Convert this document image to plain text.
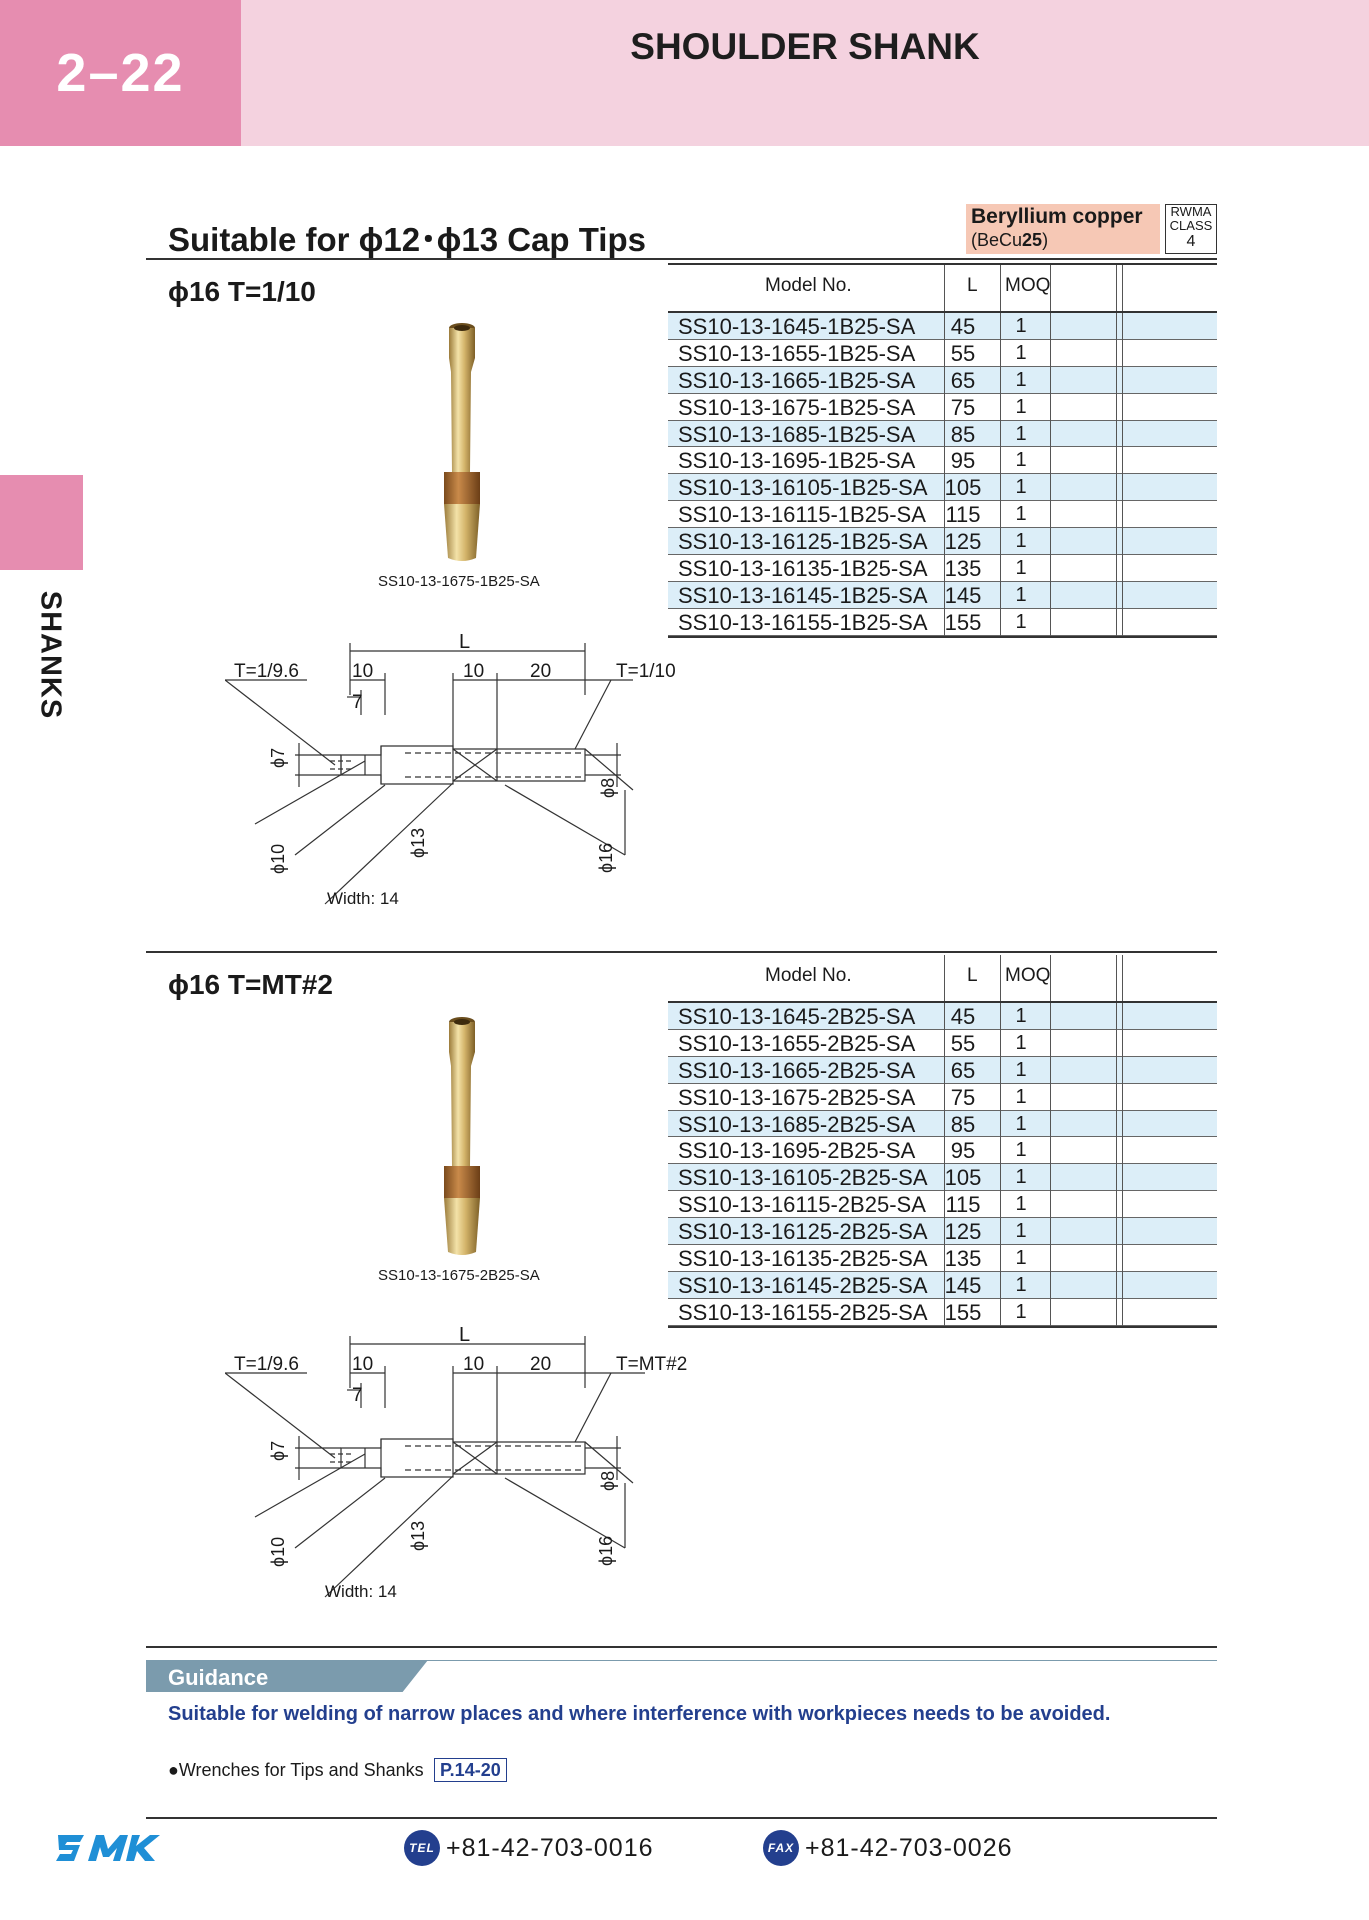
2–22	SHOULDER SHANK
SHANKS
Suitable for ϕ12･ϕ13 Cap Tips
Beryllium copper
(BeCu25)
RWMA
CLASS
4
ϕ16 T=1/10	Model No.	L MOQ
SS10-13-1645-1B25-SA	45	1
SS10-13-1655-1B25-SA	55	1
SS10-13-1665-1B25-SA	65	1
SS10-13-1675-1B25-SA	75	1
SS10-13-1685-1B25-SA	85	1
SS10-13-1695-1B25-SA	95	1
SS10-13-16105-1B25-SA 105	1
SS10-13-16115-1B25-SA 115	1
SS10-13-16125-1B25-SA 125	1
SS10-13-16135-1B25-SA 135	1
SS10-13-16145-1B25-SA 145	1
SS10-13-16155-1B25-SA 155	1
SS10-13-1675-1B25-SA
L
T=1/9.6	10
7
10 20	T=1/10
ϕ7
ϕ10
ϕ13
ϕ8
ϕ16
Width: 14
ϕ16 T=MT#2	Model No.	L MOQ
SS10-13-1645-2B25-SA	45	1
SS10-13-1655-2B25-SA	55	1
SS10-13-1665-2B25-SA	65	1
SS10-13-1675-2B25-SA	75	1
SS10-13-1685-2B25-SA	85	1
SS10-13-1695-2B25-SA	95	1
SS10-13-16105-2B25-SA 105	1
SS10-13-16115-2B25-SA 115	1
SS10-13-16125-2B25-SA 125	1
SS10-13-16135-2B25-SA 135	1
SS10-13-16145-2B25-SA 145	1
SS10-13-16155-2B25-SA 155	1
SS10-13-1675-2B25-SA
L
T=1/9.6	10
7
10 20	T=MT#2
ϕ7
ϕ10
ϕ13
ϕ8
ϕ16
Width: 14
Guidance
Suitable for welding of narrow places and where interference with workpieces needs to be avoided.
●Wrenches for Tips and Shanks P.14-20
TEL +81-42-703-0016	FAX +81-42-703-0026
